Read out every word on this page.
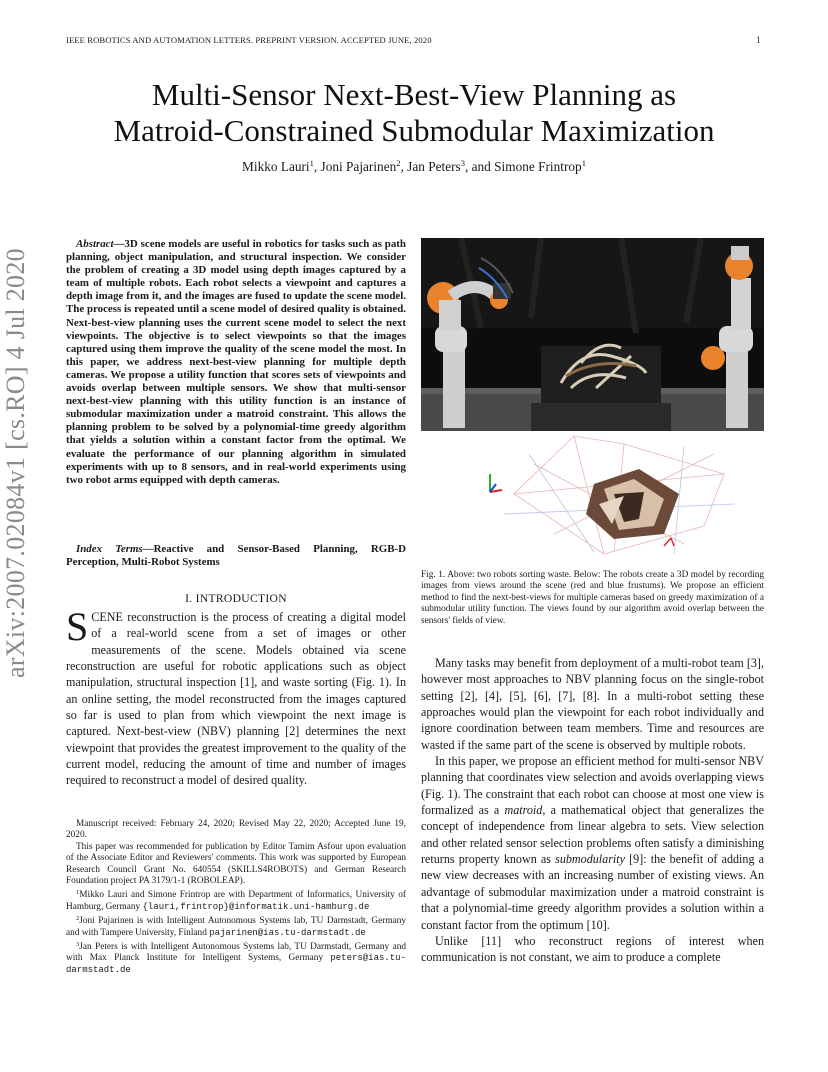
IEEE ROBOTICS AND AUTOMATION LETTERS. PREPRINT VERSION. ACCEPTED JUNE, 2020	1
arXiv:2007.02084v1 [cs.RO] 4 Jul 2020
Multi-Sensor Next-Best-View Planning as
Matroid-Constrained Submodular Maximization
Mikko Lauri$^1$, Joni Pajarinen$^2$, Jan Peters$^3$, and Simone Frintrop$^1$
Abstract—3D scene models are useful in robotics for tasks such as path planning, object manipulation, and structural inspection. We consider the problem of creating a 3D model using depth images captured by a team of multiple robots. Each robot selects a viewpoint and captures a depth image from it, and the images are fused to update the scene model. The process is repeated until a scene model of desired quality is obtained. Next-best-view planning uses the current scene model to select the next viewpoints. The objective is to select viewpoints so that the images captured using them improve the quality of the scene model the most. In this paper, we address next-best-view planning for multiple depth cameras. We propose a utility function that scores sets of viewpoints and avoids overlap between multiple sensors. We show that multi-sensor next-best-view planning with this utility function is an instance of submodular maximization under a matroid constraint. This allows the planning problem to be solved by a polynomial-time greedy algorithm that yields a solution within a constant factor from the optimal. We evaluate the performance of our planning algorithm in simulated experiments with up to 8 sensors, and in real-world experiments using two robot arms equipped with depth cameras.
Index Terms—Reactive and Sensor-Based Planning, RGB-D Perception, Multi-Robot Systems
I. INTRODUCTION
SCENE reconstruction is the process of creating a digital model of a real-world scene from a set of images or other measurements of the scene. Models obtained via scene reconstruction are useful for robotic applications such as object manipulation, structural inspection [1], and waste sorting (Fig. 1). In an online setting, the model reconstructed from the images captured so far is used to plan from which viewpoint the next image is captured. Next-best-view (NBV) planning [2] determines the next viewpoint that provides the greatest improvement to the quality of the current model, reducing the amount of time and number of images required to reconstruct a model of desired quality.

Manuscript received: February 24, 2020; Revised May 22, 2020; Accepted June 19, 2020.

This paper was recommended for publication by Editor Tamim Asfour upon evaluation of the Associate Editor and Reviewers' comments. This work was supported by European Research Council Grant No. 640554 (SKILLS4ROBOTS) and German Research Foundation project PA 3179/1-1 (ROBOLEAP).

$^1$Mikko Lauri and Simone Frintrop are with Department of Informatics, University of Hamburg, Germany {lauri,frintrop}@informatik.uni-hamburg.de

$^2$Joni Pajarinen is with Intelligent Autonomous Systems lab, TU Darmstadt, Germany and with Tampere University, Finland pajarinen@ias.tu-darmstadt.de

$^3$Jan Peters is with Intelligent Autonomous Systems lab, TU Darmstadt, Germany and with Max Planck Institute for Intelligent Systems, Germany peters@ias.tu-darmstadt.de

Fig. 1. Above: two robots sorting waste. Below: The robots create a 3D model by recording images from views around the scene (red and blue frustums). We propose an efficient method to find the next-best-views for multiple cameras based on greedy maximization of a submodular utility function. The views found by our algorithm avoid overlap between the sensors' fields of view.

Many tasks may benefit from deployment of a multi-robot team [3], however most approaches to NBV planning focus on the single-robot setting [2], [4], [5], [6], [7], [8]. In a multi-robot setting these approaches would plan the viewpoint for each robot individually and ignore coordination between team members. Time and resources are wasted if the same part of the scene is observed by multiple robots.

In this paper, we propose an efficient method for multi-sensor NBV planning that coordinates view selection and avoids overlapping views (Fig. 1). The constraint that each robot can choose at most one view is formalized as a matroid, a mathematical object that generalizes the concept of independence from linear algebra to sets. View selection and other related sensor selection problems often satisfy a diminishing returns property known as submodularity [9]: the benefit of adding a new view decreases with an increasing number of existing views. An advantage of submodular maximization under a matroid constraint is that a polynomial-time greedy algorithm provides a solution within a constant factor from the optimum [10].

Unlike [11] who reconstruct regions of interest when communication is not constant, we aim to produce a complete
